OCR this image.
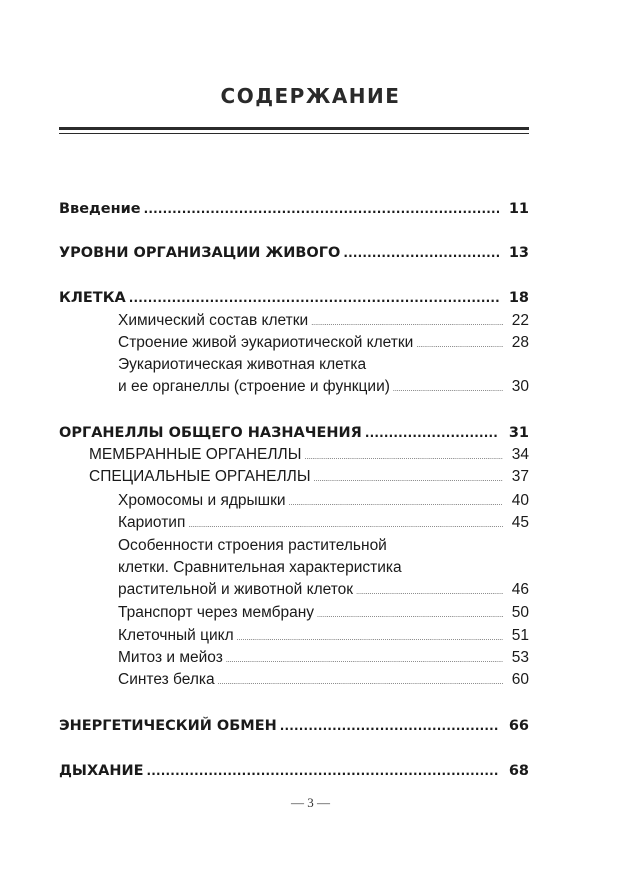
СОДЕРЖАНИЕ
Введение .....	11
УРОВНИ ОРГАНИЗАЦИИ ЖИВОГО .....	13
КЛЕТКА .....	18
Химический состав клетки .....	22
Строение живой эукариотической клетки .....	28
Эукариотическая животная клетка
и ее органеллы (строение и функции) .....	30
ОРГАНЕЛЛЫ ОБЩЕГО НАЗНАЧЕНИЯ .....	31
МЕМБРАННЫЕ ОРГАНЕЛЛЫ .....	34
СПЕЦИАЛЬНЫЕ ОРГАНЕЛЛЫ .....	37
Хромосомы и ядрышки .....	40
Кариотип .....	45
Особенности строения растительной
клетки. Сравнительная характеристика
растительной и животной клеток .....	46
Транспорт через мембрану .....	50
Клеточный цикл .....	51
Митоз и мейоз .....	53
Синтез белка .....	60
ЭНЕРГЕТИЧЕСКИЙ ОБМЕН .....	66
ДЫХАНИЕ .....	68
— 3 —
